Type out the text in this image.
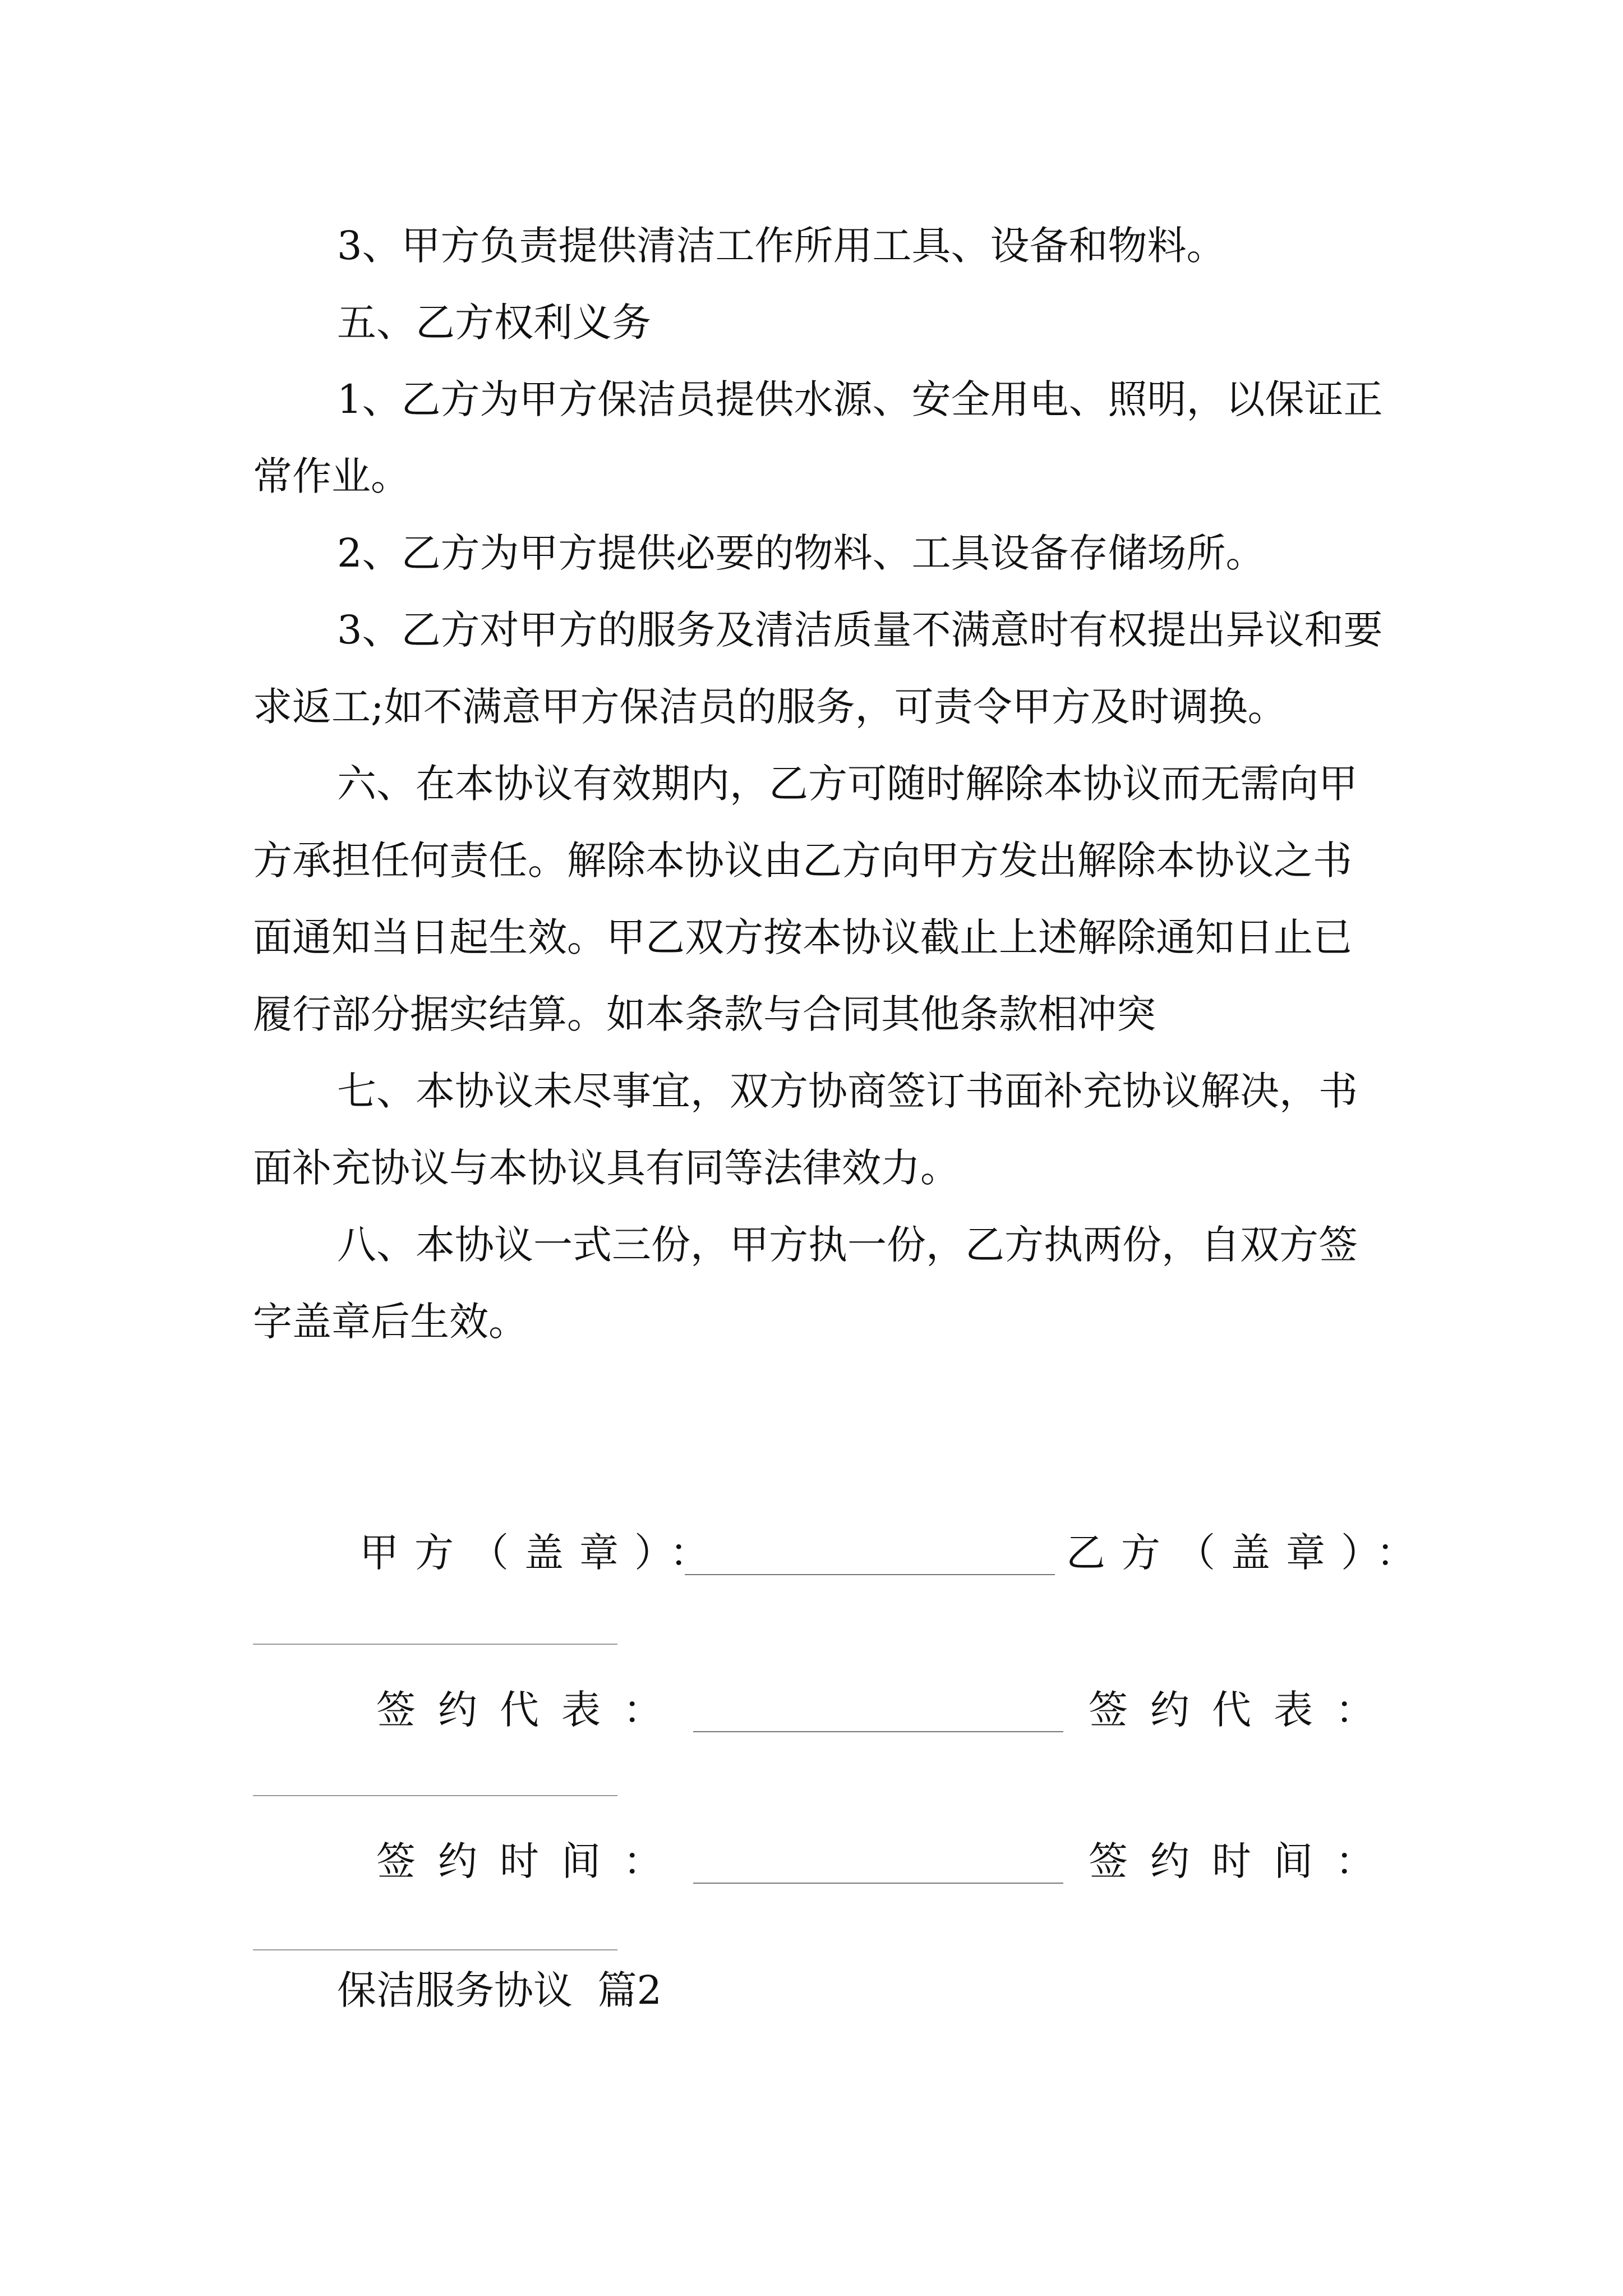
3、甲方负责提供清洁工作所用工具、设备和物料。

五、乙方权利义务

1、乙方为甲方保洁员提供水源、安全用电、照明，以保证正常作业。

2、乙方为甲方提供必要的物料、工具设备存储场所。

3、乙方对甲方的服务及清洁质量不满意时有权提出异议和要求返工;如不满意甲方保洁员的服务，可责令甲方及时调换。

六、在本协议有效期内，乙方可随时解除本协议而无需向甲方承担任何责任。解除本协议由乙方向甲方发出解除本协议之书面通知当日起生效。甲乙双方按本协议截止上述解除通知日止已履行部分据实结算。如本条款与合同其他条款相冲突

七、本协议未尽事宜，双方协商签订书面补充协议解决，书面补充协议与本协议具有同等法律效力。

八、本协议一式三份，甲方执一份，乙方执两份，自双方签字盖章后生效。

甲方（盖章）：	乙方（盖章）：
签约代表：	签约代表：
签约时间：	签约时间：
保洁服务协议  篇2
